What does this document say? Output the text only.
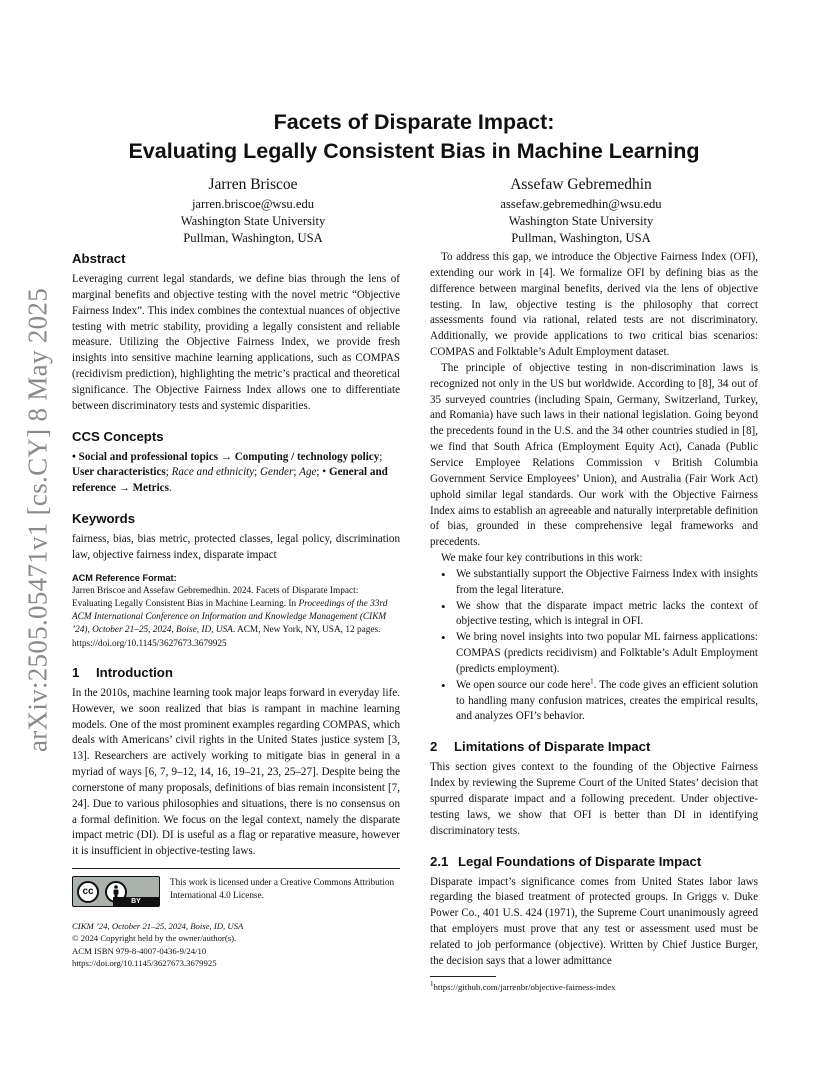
arXiv:2505.05471v1 [cs.CY] 8 May 2025
Facets of Disparate Impact:
Evaluating Legally Consistent Bias in Machine Learning
Jarren Briscoe
jarren.briscoe@wsu.edu
Washington State University
Pullman, Washington, USA
Assefaw Gebremedhin
assefaw.gebremedhin@wsu.edu
Washington State University
Pullman, Washington, USA
Abstract

Leveraging current legal standards, we define bias through the lens of marginal benefits and objective testing with the novel metric “Objective Fairness Index”. This index combines the contextual nuances of objective testing with metric stability, providing a legally consistent and reliable measure. Utilizing the Objective Fairness Index, we provide fresh insights into sensitive machine learning applications, such as COMPAS (recidivism prediction), highlighting the metric’s practical and theoretical significance. The Objective Fairness Index allows one to differentiate between discriminatory tests and systemic disparities.

CCS Concepts

• Social and professional topics → Computing / technology policy; User characteristics; Race and ethnicity; Gender; Age; • General and reference → Metrics.

Keywords

fairness, bias, bias metric, protected classes, legal policy, discrimination law, objective fairness index, disparate impact

ACM Reference Format:

Jarren Briscoe and Assefaw Gebremedhin. 2024. Facets of Disparate Impact: Evaluating Legally Consistent Bias in Machine Learning. In Proceedings of the 33rd ACM International Conference on Information and Knowledge Management (CIKM ’24), October 21–25, 2024, Boise, ID, USA. ACM, New York, NY, USA, 12 pages. https://doi.org/10.1145/3627673.3679925

1 Introduction

In the 2010s, machine learning took major leaps forward in everyday life. However, we soon realized that bias is rampant in machine learning models. One of the most prominent examples regarding COMPAS, which deals with Americans’ civil rights in the United States justice system [3, 13]. Researchers are actively working to mitigate bias in general in a myriad of ways [6, 7, 9–12, 14, 16, 19–21, 23, 25–27]. Despite being the cornerstone of many proposals, definitions of bias remain inconsistent [7, 24]. Due to various philosophies and situations, there is no consensus on a formal definition. We focus on the legal context, namely the disparate impact metric (DI). DI is useful as a flag or reparative measure, however it is insufficient in objective-testing laws.

cc
BY
This work is licensed under a Creative Commons Attribution International 4.0 License.
CIKM ’24, October 21–25, 2024, Boise, ID, USA
© 2024 Copyright held by the owner/author(s).
ACM ISBN 979-8-4007-0436-9/24/10
https://doi.org/10.1145/3627673.3679925

To address this gap, we introduce the Objective Fairness Index (OFI), extending our work in [4]. We formalize OFI by defining bias as the difference between marginal benefits, derived via the lens of objective testing. In law, objective testing is the philosophy that correct assessments found via rational, related tests are not discriminatory. Additionally, we provide applications to two critical bias scenarios: COMPAS and Folktable’s Adult Employment dataset.

The principle of objective testing in non-discrimination laws is recognized not only in the US but worldwide. According to [8], 34 out of 35 surveyed countries (including Spain, Germany, Switzerland, Turkey, and Romania) have such laws in their national legislation. Going beyond the precedents found in the U.S. and the 34 other countries studied in [8], we find that South Africa (Employment Equity Act), Canada (Public Service Employee Relations Commission v British Columbia Government Service Employees’ Union), and Australia (Fair Work Act) uphold similar legal standards. Our work with the Objective Fairness Index aims to establish an agreeable and naturally interpretable definition of bias, grounded in these comprehensive legal frameworks and precedents.

We make four key contributions in this work:

• We substantially support the Objective Fairness Index with insights from the legal literature.
• We show that the disparate impact metric lacks the context of objective testing, which is integral in OFI.
• We bring novel insights into two popular ML fairness applications: COMPAS (predicts recidivism) and Folktable’s Adult Employment (predicts employment).
• We open source our code here$^1$. The code gives an efficient solution to handling many confusion matrices, creates the empirical results, and analyzes OFI’s behavior.
2 Limitations of Disparate Impact

This section gives context to the founding of the Objective Fairness Index by reviewing the Supreme Court of the United States’ decision that spurred disparate impact and a following precedent. Under objective-testing laws, we show that OFI is better than DI in identifying discriminatory tests.

2.1 Legal Foundations of Disparate Impact

Disparate impact’s significance comes from United States labor laws regarding the biased treatment of protected groups. In Griggs v. Duke Power Co., 401 U.S. 424 (1971), the Supreme Court unanimously agreed that employers must prove that any test or assessment used must be related to job performance (objective). Written by Chief Justice Burger, the decision says that a lower admittance

$^1$https://github.com/jarrenbr/objective-fairness-index
